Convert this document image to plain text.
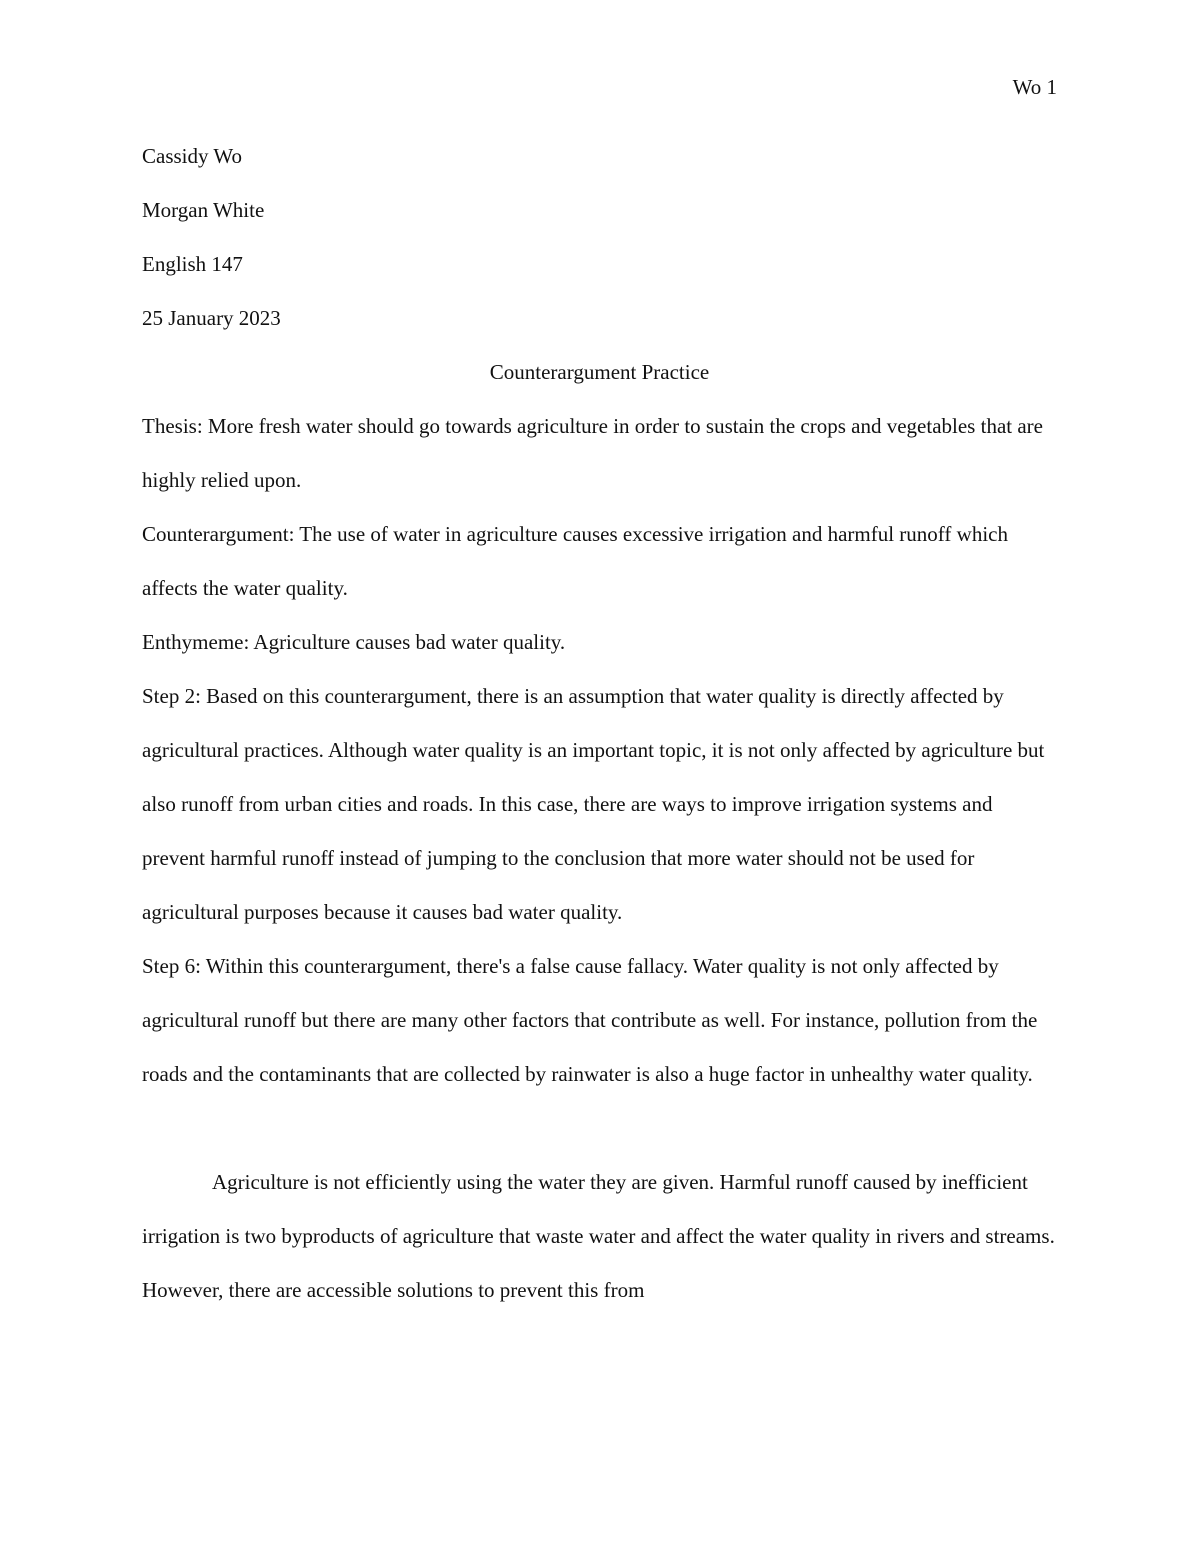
Wo 1

Cassidy Wo

Morgan White

English 147

25 January 2023

Counterargument Practice

Thesis: More fresh water should go towards agriculture in order to sustain the crops and vegetables that are highly relied upon.

Counterargument: The use of water in agriculture causes excessive irrigation and harmful runoff which affects the water quality.

Enthymeme: Agriculture causes bad water quality.

Step 2: Based on this counterargument, there is an assumption that water quality is directly affected by agricultural practices. Although water quality is an important topic, it is not only affected by agriculture but also runoff from urban cities and roads. In this case, there are ways to improve irrigation systems and prevent harmful runoff instead of jumping to the conclusion that more water should not be used for agricultural purposes because it causes bad water quality.

Step 6: Within this counterargument, there's a false cause fallacy. Water quality is not only affected by agricultural runoff but there are many other factors that contribute as well. For instance, pollution from the roads and the contaminants that are collected by rainwater is also a huge factor in unhealthy water quality.

Agriculture is not efficiently using the water they are given. Harmful runoff caused by inefficient irrigation is two byproducts of agriculture that waste water and affect the water quality in rivers and streams. However, there are accessible solutions to prevent this from
